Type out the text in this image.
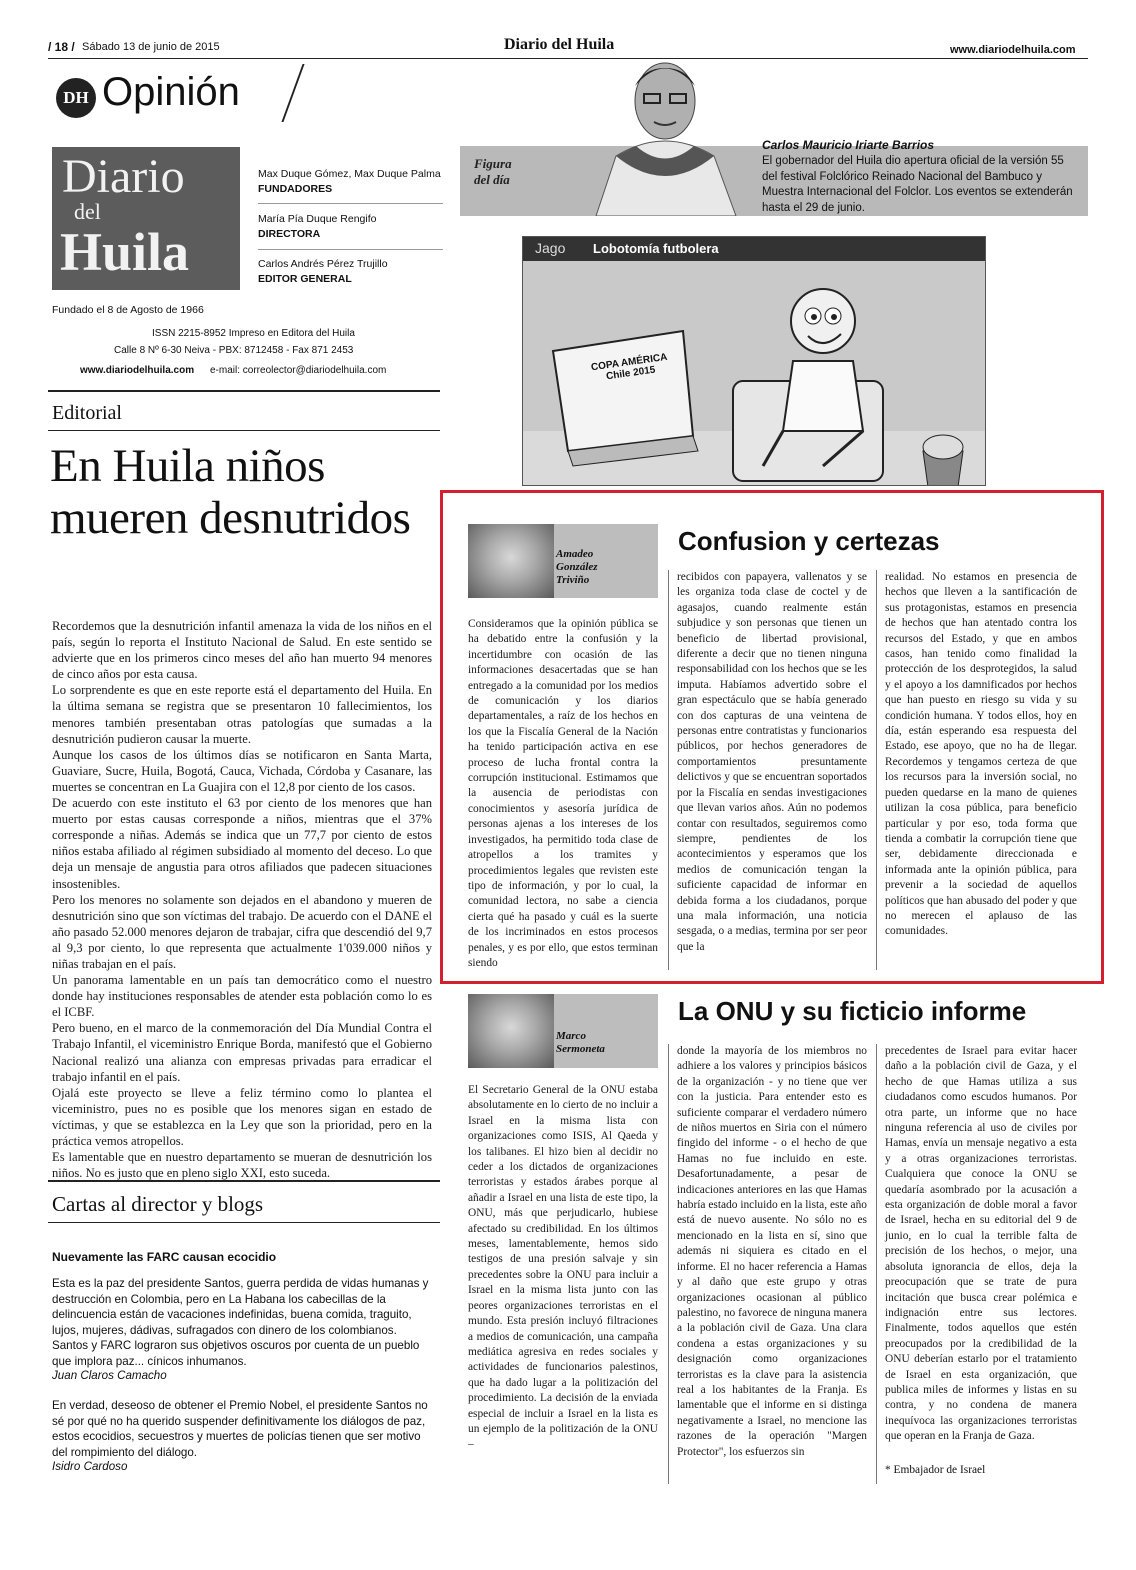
/ 18 / Sábado 13 de junio de 2015	Diario del Huila	www.diariodelhuila.com
DH Opinión
Diario
del
Huila
Max Duque Gómez, Max Duque Palma
FUNDADORES
María Pía Duque Rengifo
DIRECTORA
Carlos Andrés Pérez Trujillo
EDITOR GENERAL
Fundado el 8 de Agosto de 1966
ISSN 2215-8952 Impreso en Editora del Huila
Calle 8 Nº 6-30 Neiva - PBX: 8712458 - Fax 871 2453
www.diariodelhuila.com e-mail: correolector@diariodelhuila.com
Figura del día
Carlos Mauricio Iriarte Barrios
El gobernador del Huila dio apertura oficial de la versión 55 del festival Folclórico Reinado Nacional del Bambuco y Muestra Internacional del Folclor. Los eventos se extenderán hasta el 29 de junio.
Jago Lobotomía futbolera
COPA AMÉRICA Chile 2015
Editorial
En Huila niños mueren desnutridos

Recordemos que la desnutrición infantil amenaza la vida de los niños en el país, según lo reporta el Instituto Nacional de Salud. En este sentido se advierte que en los primeros cinco meses del año han muerto 94 menores de cinco años por esta causa.

Lo sorprendente es que en este reporte está el departamento del Huila. En la última semana se registra que se presentaron 10 fallecimientos, los menores también presentaban otras patologías que sumadas a la desnutrición pudieron causar la muerte.

Aunque los casos de los últimos días se notificaron en Santa Marta, Guaviare, Sucre, Huila, Bogotá, Cauca, Vichada, Córdoba y Casanare, las muertes se concentran en La Guajira con el 12,8 por ciento de los casos.

De acuerdo con este instituto el 63 por ciento de los menores que han muerto por estas causas corresponde a niños, mientras que el 37% corresponde a niñas. Además se indica que un 77,7 por ciento de estos niños estaba afiliado al régimen subsidiado al momento del deceso. Lo que deja un mensaje de angustia para otros afiliados que padecen situaciones insostenibles.

Pero los menores no solamente son dejados en el abandono y mueren de desnutrición sino que son víctimas del trabajo. De acuerdo con el DANE el año pasado 52.000 menores dejaron de trabajar, cifra que descendió del 9,7 al 9,3 por ciento, lo que representa que actualmente 1'039.000 niños y niñas trabajan en el país.

Un panorama lamentable en un país tan democrático como el nuestro donde hay instituciones responsables de atender esta población como lo es el ICBF.

Pero bueno, en el marco de la conmemoración del Día Mundial Contra el Trabajo Infantil, el viceministro Enrique Borda, manifestó que el Gobierno Nacional realizó una alianza con empresas privadas para erradicar el trabajo infantil en el país.

Ojalá este proyecto se lleve a feliz término como lo plantea el viceministro, pues no es posible que los menores sigan en estado de víctimas, y que se establezca en la Ley que son la prioridad, pero en la práctica vemos atropellos.

Es lamentable que en nuestro departamento se mueran de desnutrición los niños. No es justo que en pleno siglo XXI, esto suceda.

Cartas al director y blogs
Nuevamente las FARC causan ecocidio
Esta es la paz del presidente Santos, guerra perdida de vidas humanas y destrucción en Colombia, pero en La Habana los cabecillas de la delincuencia están de vacaciones indefinidas, buena comida, traguito, lujos, mujeres, dádivas, sufragados con dinero de los colombianos. Santos y FARC lograron sus objetivos oscuros por cuenta de un pueblo que implora paz... cínicos inhumanos.
Juan Claros Camacho
En verdad, deseoso de obtener el Premio Nobel, el presidente Santos no sé por qué no ha querido suspender definitivamente los diálogos de paz, estos ecocidios, secuestros y muertes de policías tienen que ser motivo del rompimiento del diálogo.
Isidro Cardoso
Amadeo González Triviño
Confusion y certezas
Consideramos que la opinión pública se ha debatido entre la confusión y la incertidumbre con ocasión de las informaciones desacertadas que se han entregado a la comunidad por los medios de comunicación y los diarios departamentales, a raíz de los hechos en los que la Fiscalía General de la Nación ha tenido participación activa en ese proceso de lucha frontal contra la corrupción institucional. Estimamos que la ausencia de periodistas con conocimientos y asesoría jurídica de personas ajenas a los intereses de los investigados, ha permitido toda clase de atropellos a los tramites y procedimientos legales que revisten este tipo de información, y por lo cual, la comunidad lectora, no sabe a ciencia cierta qué ha pasado y cuál es la suerte de los incriminados en estos procesos penales, y es por ello, que estos terminan siendo
recibidos con papayera, vallenatos y se les organiza toda clase de coctel y de agasajos, cuando realmente están subjudice y son personas que tienen un beneficio de libertad provisional, diferente a decir que no tienen ninguna responsabilidad con los hechos que se les imputa. Habíamos advertido sobre el gran espectáculo que se había generado con dos capturas de una veintena de personas entre contratistas y funcionarios públicos, por hechos generadores de comportamientos presuntamente delictivos y que se encuentran soportados por la Fiscalía en sendas investigaciones que llevan varios años. Aún no podemos contar con resultados, seguiremos como siempre, pendientes de los acontecimientos y esperamos que los medios de comunicación tengan la suficiente capacidad de informar en debida forma a los ciudadanos, porque una mala información, una noticia sesgada, o a medias, termina por ser peor que la
realidad. No estamos en presencia de hechos que lleven a la santificación de sus protagonistas, estamos en presencia de hechos que han atentado contra los recursos del Estado, y que en ambos casos, han tenido como finalidad la protección de los desprotegidos, la salud y el apoyo a los damnificados por hechos que han puesto en riesgo su vida y su condición humana. Y todos ellos, hoy en día, están esperando esa respuesta del Estado, ese apoyo, que no ha de llegar. Recordemos y tengamos certeza de que los recursos para la inversión social, no pueden quedarse en la mano de quienes utilizan la cosa pública, para beneficio particular y por eso, toda forma que tienda a combatir la corrupción tiene que ser, debidamente direccionada e informada ante la opinión pública, para prevenir a la sociedad de aquellos políticos que han abusado del poder y que no merecen el aplauso de las comunidades.
Marco Sermoneta
La ONU y su ficticio informe
El Secretario General de la ONU estaba absolutamente en lo cierto de no incluir a Israel en la misma lista con organizaciones como ISIS, Al Qaeda y los talibanes. El hizo bien al decidir no ceder a los dictados de organizaciones terroristas y estados árabes porque al añadir a Israel en una lista de este tipo, la ONU, más que perjudicarlo, hubiese afectado su credibilidad. En los últimos meses, lamentablemente, hemos sido testigos de una presión salvaje y sin precedentes sobre la ONU para incluir a Israel en la misma lista junto con las peores organizaciones terroristas en el mundo. Esta presión incluyó filtraciones a medios de comunicación, una campaña mediática agresiva en redes sociales y actividades de funcionarios palestinos, que ha dado lugar a la politización del procedimiento. La decisión de la enviada especial de incluir a Israel en la lista es un ejemplo de la politización de la ONU –
donde la mayoría de los miembros no adhiere a los valores y principios básicos de la organización - y no tiene que ver con la justicia. Para entender esto es suficiente comparar el verdadero número de niños muertos en Siria con el número fingido del informe - o el hecho de que Hamas no fue incluido en este. Desafortunadamente, a pesar de indicaciones anteriores en las que Hamas habría estado incluido en la lista, este año está de nuevo ausente. No sólo no es mencionado en la lista en sí, sino que además ni siquiera es citado en el informe. El no hacer referencia a Hamas y al daño que este grupo y otras organizaciones ocasionan al público palestino, no favorece de ninguna manera a la población civil de Gaza. Una clara condena a estas organizaciones y su designación como organizaciones terroristas es la clave para la asistencia real a los habitantes de la Franja. Es lamentable que el informe en si distinga negativamente a Israel, no mencione las razones de la operación "Margen Protector", los esfuerzos sin
precedentes de Israel para evitar hacer daño a la población civil de Gaza, y el hecho de que Hamas utiliza a sus ciudadanos como escudos humanos. Por otra parte, un informe que no hace ninguna referencia al uso de civiles por Hamas, envía un mensaje negativo a esta y a otras organizaciones terroristas. Cualquiera que conoce la ONU se quedaría asombrado por la acusación a esta organización de doble moral a favor de Israel, hecha en su editorial del 9 de junio, en lo cual la terrible falta de precisión de los hechos, o mejor, una absoluta ignorancia de ellos, deja la preocupación que se trate de pura incitación que busca crear polémica e indignación entre sus lectores. Finalmente, todos aquellos que estén preocupados por la credibilidad de la ONU deberían estarlo por el tratamiento de Israel en esta organización, que publica miles de informes y listas en su contra, y no condena de manera inequívoca las organizaciones terroristas que operan en la Franja de Gaza.
* Embajador de Israel
